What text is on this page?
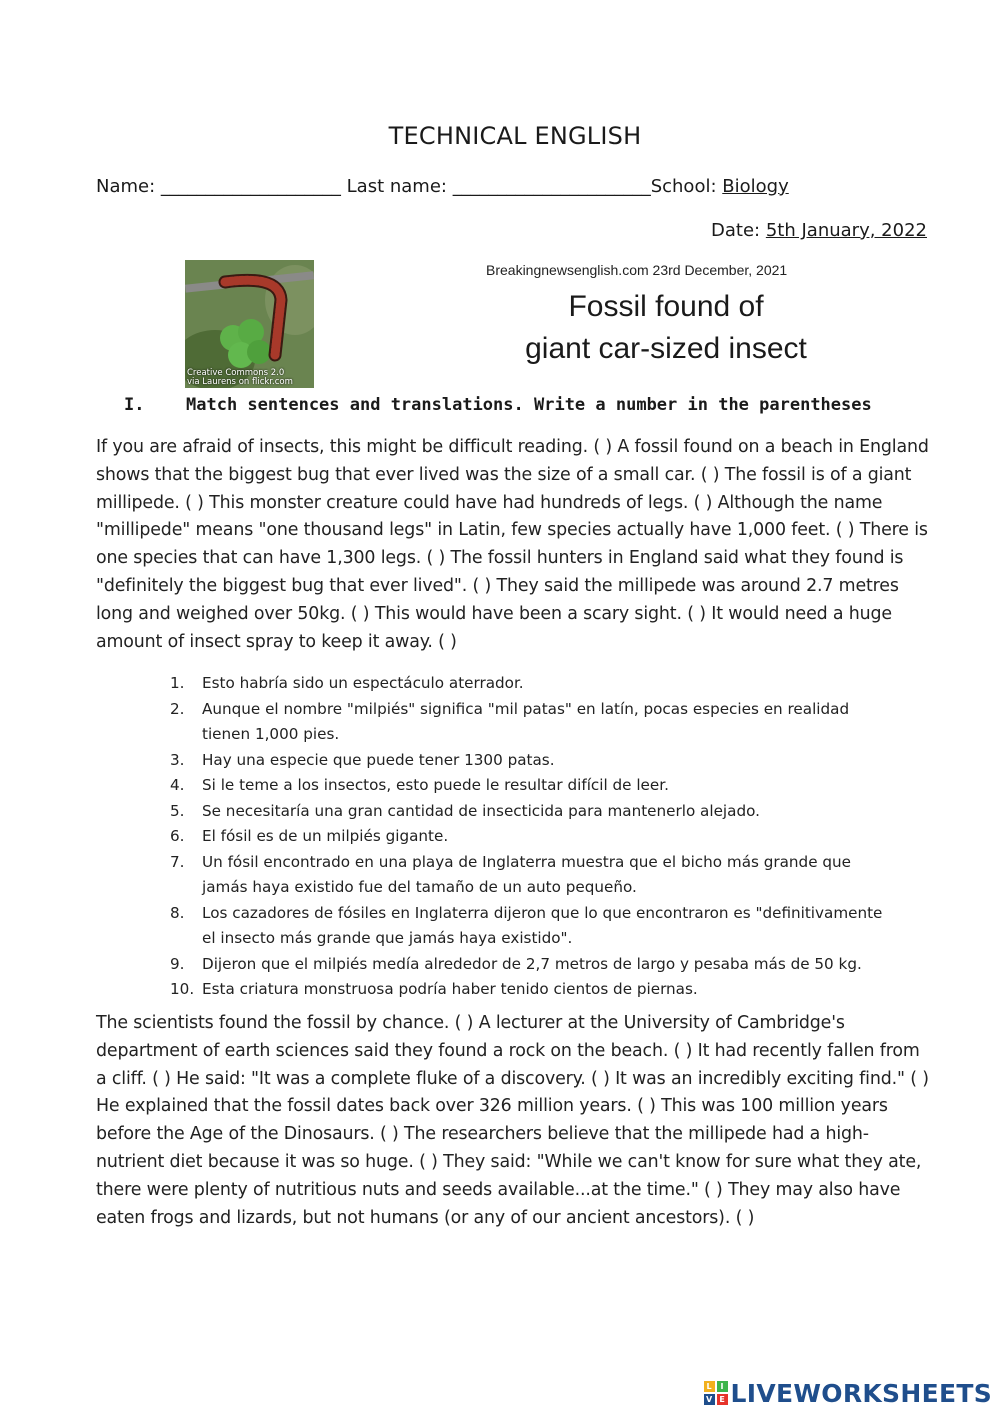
TECHNICAL ENGLISH
Name: ____________________ Last name: ______________________School: Biology
Date: 5th January, 2022
Creative Commons 2.0
via Laurens on flickr.com
Breakingnewsenglish.com 23rd December, 2021
Fossil found of
giant car-sized insect
I. Match sentences and translations. Write a number in the parentheses
If you are afraid of insects, this might be difficult reading. ( ) A fossil found on a beach in England shows that the biggest bug that ever lived was the size of a small car. ( ) The fossil is of a giant millipede. ( ) This monster creature could have had hundreds of legs. ( ) Although the name "millipede" means "one thousand legs" in Latin, few species actually have 1,000 feet. ( ) There is one species that can have 1,300 legs. ( ) The fossil hunters in England said what they found is "definitely the biggest bug that ever lived". ( ) They said the millipede was around 2.7 metres long and weighed over 50kg. ( ) This would have been a scary sight. ( ) It would need a huge amount of insect spray to keep it away. ( )
1. Esto habría sido un espectáculo aterrador.
2. Aunque el nombre "milpiés" significa "mil patas" en latín, pocas especies en realidad tienen 1,000 pies.
3. Hay una especie que puede tener 1300 patas.
4. Si le teme a los insectos, esto puede le resultar difícil de leer.
5. Se necesitaría una gran cantidad de insecticida para mantenerlo alejado.
6. El fósil es de un milpiés gigante.
7. Un fósil encontrado en una playa de Inglaterra muestra que el bicho más grande que jamás haya existido fue del tamaño de un auto pequeño.
8. Los cazadores de fósiles en Inglaterra dijeron que lo que encontraron es "definitivamente el insecto más grande que jamás haya existido".
9. Dijeron que el milpiés medía alrededor de 2,7 metros de largo y pesaba más de 50 kg.
10. Esta criatura monstruosa podría haber tenido cientos de piernas.
The scientists found the fossil by chance. ( ) A lecturer at the University of Cambridge's department of earth sciences said they found a rock on the beach. ( ) It had recently fallen from a cliff. ( ) He said: "It was a complete fluke of a discovery. ( ) It was an incredibly exciting find." ( ) He explained that the fossil dates back over 326 million years. ( ) This was 100 million years before the Age of the Dinosaurs. ( ) The researchers believe that the millipede had a high-nutrient diet because it was so huge. ( ) They said: "While we can't know for sure what they ate, there were plenty of nutritious nuts and seeds available...at the time." ( ) They may also have eaten frogs and lizards, but not humans (or any of our ancient ancestors). ( )
L	I
V E LIVEWORKSHEETS
